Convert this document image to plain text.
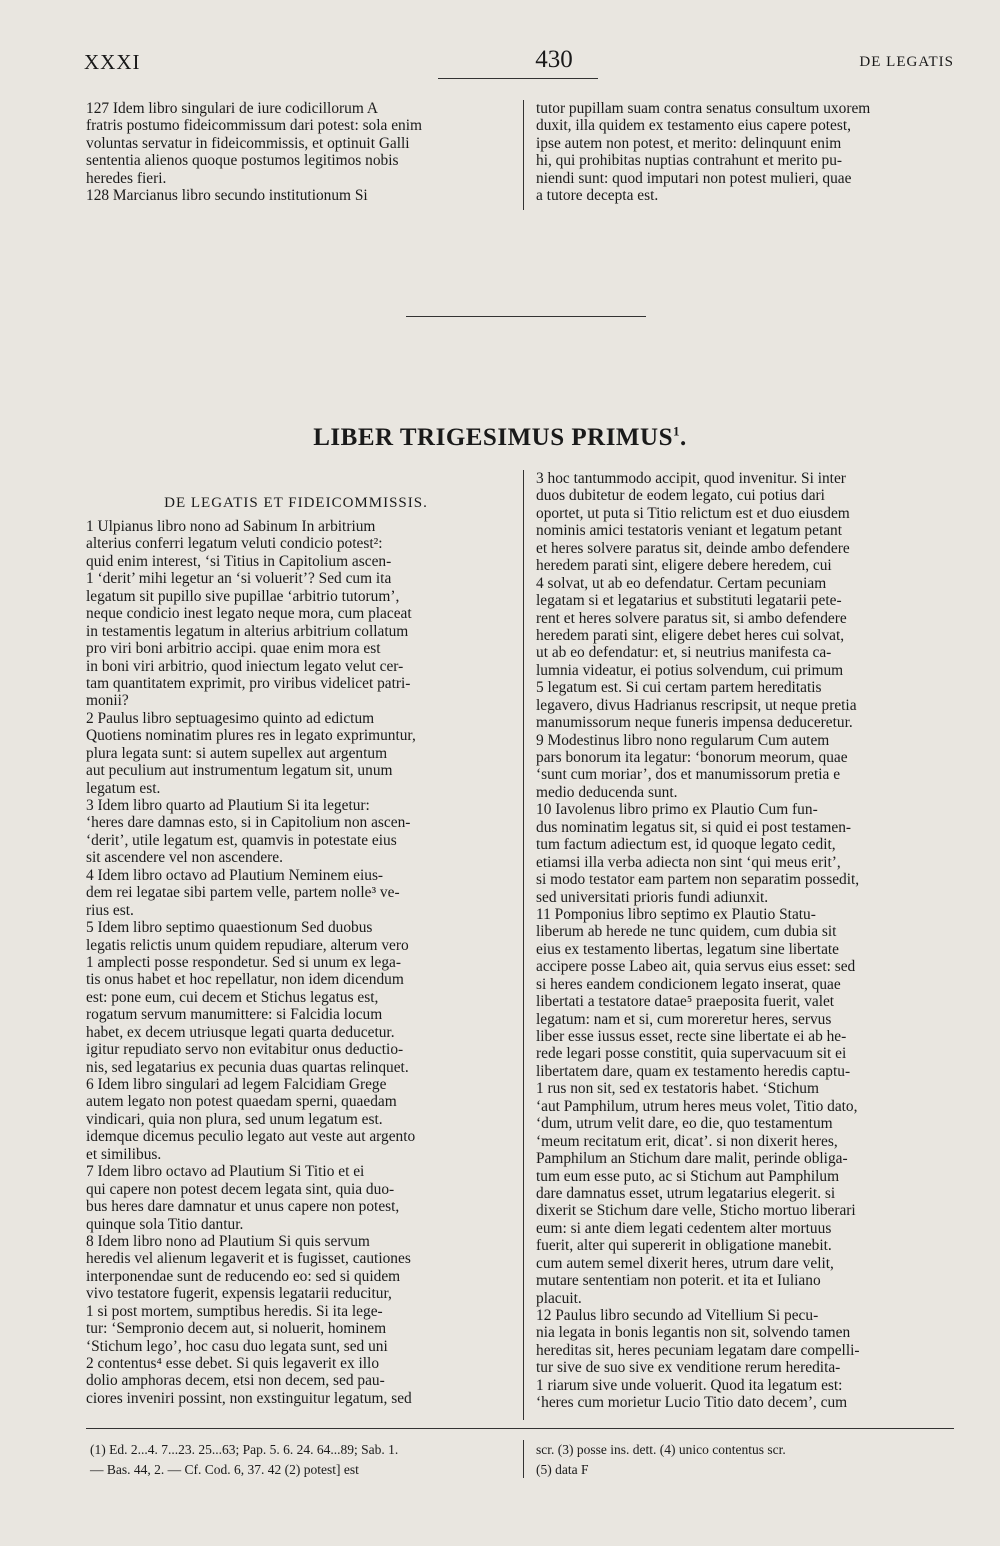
XXXI	430	DE LEGATIS
127 Idem libro singulari de iure codicillorum A
fratris postumo fideicommissum dari potest: sola enim
voluntas servatur in fideicommissis, et optinuit Galli
sententia alienos quoque postumos legitimos nobis
heredes fieri.
128 Marcianus libro secundo institutionum Si
tutor pupillam suam contra senatus consultum uxorem
duxit, illa quidem ex testamento eius capere potest,
ipse autem non potest, et merito: delinquunt enim
hi, qui prohibitas nuptias contrahunt et merito pu-
niendi sunt: quod imputari non potest mulieri, quae
a tutore decepta est.
LIBER TRIGESIMUS PRIMUS$^1$.
DE LEGATIS ET FIDEICOMMISSIS.
1 Ulpianus libro nono ad Sabinum In arbitrium
alterius conferri legatum veluti condicio potest²:
quid enim interest, ‘si Titius in Capitolium ascen-
1 ‘derit’ mihi legetur an ‘si voluerit’? Sed cum ita
legatum sit pupillo sive pupillae ‘arbitrio tutorum’,
neque condicio inest legato neque mora, cum placeat
in testamentis legatum in alterius arbitrium collatum
pro viri boni arbitrio accipi. quae enim mora est
in boni viri arbitrio, quod iniectum legato velut cer-
tam quantitatem exprimit, pro viribus videlicet patri-
monii?
2 Paulus libro septuagesimo quinto ad edictum
Quotiens nominatim plures res in legato exprimuntur,
plura legata sunt: si autem supellex aut argentum
aut peculium aut instrumentum legatum sit, unum
legatum est.
3 Idem libro quarto ad Plautium Si ita legetur:
‘heres dare damnas esto, si in Capitolium non ascen-
‘derit’, utile legatum est, quamvis in potestate eius
sit ascendere vel non ascendere.
4 Idem libro octavo ad Plautium Neminem eius-
dem rei legatae sibi partem velle, partem nolle³ ve-
rius est.
5 Idem libro septimo quaestionum Sed duobus
legatis relictis unum quidem repudiare, alterum vero
1 amplecti posse respondetur. Sed si unum ex lega-
tis onus habet et hoc repellatur, non idem dicendum
est: pone eum, cui decem et Stichus legatus est,
rogatum servum manumittere: si Falcidia locum
habet, ex decem utriusque legati quarta deducetur.
igitur repudiato servo non evitabitur onus deductio-
nis, sed legatarius ex pecunia duas quartas relinquet.
6 Idem libro singulari ad legem Falcidiam Grege
autem legato non potest quaedam sperni, quaedam
vindicari, quia non plura, sed unum legatum est.
idemque dicemus peculio legato aut veste aut argento
et similibus.
7 Idem libro octavo ad Plautium Si Titio et ei
qui capere non potest decem legata sint, quia duo-
bus heres dare damnatur et unus capere non potest,
quinque sola Titio dantur.
8 Idem libro nono ad Plautium Si quis servum
heredis vel alienum legaverit et is fugisset, cautiones
interponendae sunt de reducendo eo: sed si quidem
vivo testatore fugerit, expensis legatarii reducitur,
1 si post mortem, sumptibus heredis. Si ita lege-
tur: ‘Sempronio decem aut, si noluerit, hominem
‘Stichum lego’, hoc casu duo legata sunt, sed uni
2 contentus⁴ esse debet. Si quis legaverit ex illo
dolio amphoras decem, etsi non decem, sed pau-
ciores inveniri possint, non exstinguitur legatum, sed
3 hoc tantummodo accipit, quod invenitur. Si inter
duos dubitetur de eodem legato, cui potius dari
oportet, ut puta si Titio relictum est et duo eiusdem
nominis amici testatoris veniant et legatum petant
et heres solvere paratus sit, deinde ambo defendere
heredem parati sint, eligere debere heredem, cui
4 solvat, ut ab eo defendatur. Certam pecuniam
legatam si et legatarius et substituti legatarii pete-
rent et heres solvere paratus sit, si ambo defendere
heredem parati sint, eligere debet heres cui solvat,
ut ab eo defendatur: et, si neutrius manifesta ca-
lumnia videatur, ei potius solvendum, cui primum
5 legatum est. Si cui certam partem hereditatis
legavero, divus Hadrianus rescripsit, ut neque pretia
manumissorum neque funeris impensa deduceretur.
9 Modestinus libro nono regularum Cum autem
pars bonorum ita legatur: ‘bonorum meorum, quae
‘sunt cum moriar’, dos et manumissorum pretia e
medio deducenda sunt.
10 Iavolenus libro primo ex Plautio Cum fun-
dus nominatim legatus sit, si quid ei post testamen-
tum factum adiectum est, id quoque legato cedit,
etiamsi illa verba adiecta non sint ‘qui meus erit’,
si modo testator eam partem non separatim possedit,
sed universitati prioris fundi adiunxit.
11 Pomponius libro septimo ex Plautio Statu-
liberum ab herede ne tunc quidem, cum dubia sit
eius ex testamento libertas, legatum sine libertate
accipere posse Labeo ait, quia servus eius esset: sed
si heres eandem condicionem legato inserat, quae
libertati a testatore datae⁵ praeposita fuerit, valet
legatum: nam et si, cum moreretur heres, servus
liber esse iussus esset, recte sine libertate ei ab he-
rede legari posse constitit, quia supervacuum sit ei
libertatem dare, quam ex testamento heredis captu-
1 rus non sit, sed ex testatoris habet. ‘Stichum
‘aut Pamphilum, utrum heres meus volet, Titio dato,
‘dum, utrum velit dare, eo die, quo testamentum
‘meum recitatum erit, dicat’. si non dixerit heres,
Pamphilum an Stichum dare malit, perinde obliga-
tum eum esse puto, ac si Stichum aut Pamphilum
dare damnatus esset, utrum legatarius elegerit. si
dixerit se Stichum dare velle, Sticho mortuo liberari
eum: si ante diem legati cedentem alter mortuus
fuerit, alter qui supererit in obligatione manebit.
cum autem semel dixerit heres, utrum dare velit,
mutare sententiam non poterit. et ita et Iuliano
placuit.
12 Paulus libro secundo ad Vitellium Si pecu-
nia legata in bonis legantis non sit, solvendo tamen
hereditas sit, heres pecuniam legatam dare compelli-
tur sive de suo sive ex venditione rerum heredita-
1 riarum sive unde voluerit. Quod ita legatum est:
‘heres cum morietur Lucio Titio dato decem’, cum
(1) Ed. 2...4. 7...23. 25...63; Pap. 5. 6. 24. 64...89; Sab. 1.
— Bas. 44, 2. — Cf. Cod. 6, 37. 42 (2) potest] est
scr. (3) posse ins. dett. (4) unico contentus scr.
(5) data F
